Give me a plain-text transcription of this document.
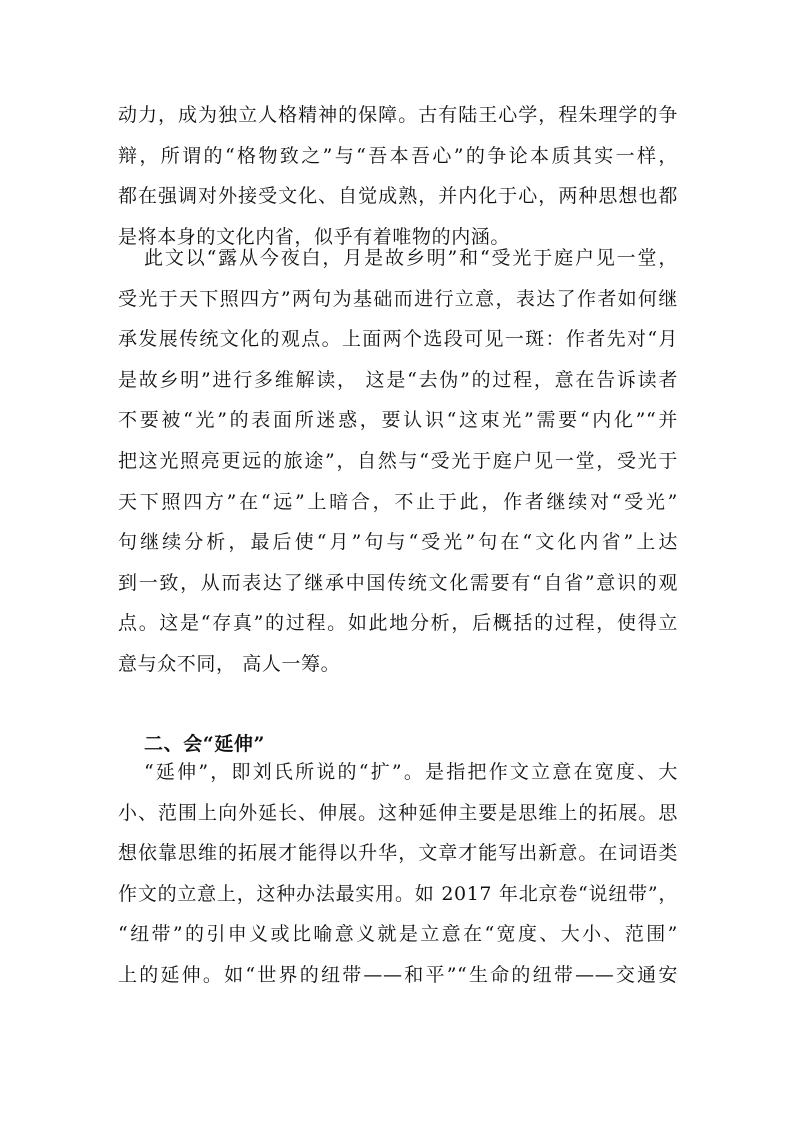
动力，成为独立人格精神的保障。古有陆王心学，程朱理学的争
辩，所谓的“格物致之”与“吾本吾心”的争论本质其实一样，
都在强调对外接受文化、自觉成熟，并内化于心，两种思想也都
是将本身的文化内省，似乎有着唯物的内涵。
此文以“露从今夜白，月是故乡明”和“受光于庭户见一堂，
受光于天下照四方”两句为基础而进行立意，表达了作者如何继
承发展传统文化的观点。上面两个选段可见一斑：作者先对“月
是故乡明”进行多维解读， 这是“去伪”的过程，意在告诉读者
不要被“光”的表面所迷惑，要认识“这束光”需要“内化”“并
把这光照亮更远的旅途”，自然与“受光于庭户见一堂，受光于
天下照四方”在“远”上暗合，不止于此，作者继续对“受光”
句继续分析，最后使“月”句与“受光”句在“文化内省”上达
到一致，从而表达了继承中国传统文化需要有“自省”意识的观
点。这是“存真”的过程。如此地分析，后概括的过程，使得立
意与众不同， 高人一筹。
二、会“延伸”
“延伸”，即刘氏所说的“扩”。是指把作文立意在宽度、大
小、范围上向外延长、伸展。这种延伸主要是思维上的拓展。思
想依靠思维的拓展才能得以升华，文章才能写出新意。在词语类
作文的立意上，这种办法最实用。如 2017 年北京卷“说纽带”，
“纽带”的引申义或比喻意义就是立意在“宽度、大小、范围”
上的延伸。如“世界的纽带——和平”“生命的纽带——交通安
